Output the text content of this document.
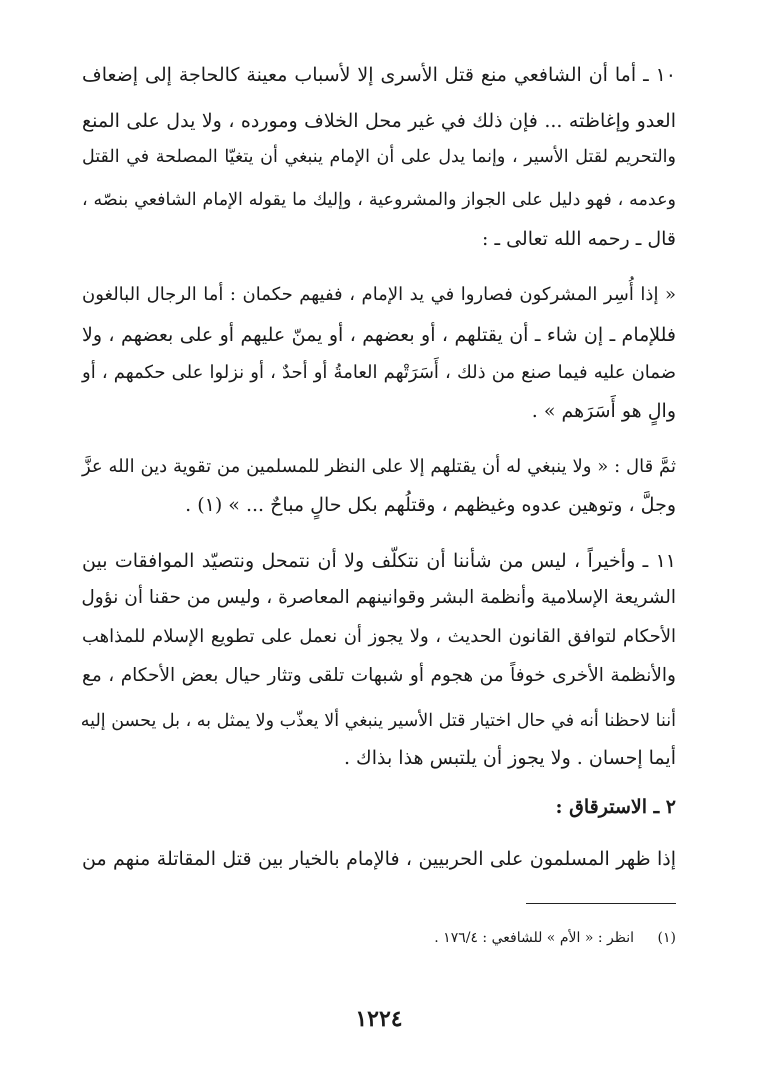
١٠ ـ أما أن الشافعي منع قتل الأسرى إلا لأسباب معينة كالحاجة إلى إضعاف
العدو وإغاظته ... فإن ذلك في غير محل الخلاف ومورده ، ولا يدل على المنع
والتحريم لقتل الأسير ، وإنما يدل على أن الإمام ينبغي أن يتغيّا المصلحة في القتل
وعدمه ، فهو دليل على الجواز والمشروعية ، وإليك ما يقوله الإمام الشافعي بنصّه ،
قال ـ رحمه الله تعالى ـ :
« إذا أُسِر المشركون فصاروا في يد الإمام ، ففيهم حكمان : أما الرجال البالغون
فللإمام ـ إن شاء ـ أن يقتلهم ، أو بعضهم ، أو يمنّ عليهم أو على بعضهم ، ولا
ضمان عليه فيما صنع من ذلك ، أَسَرَتْهم العامةُ أو أحدٌ ، أو نزلوا على حكمهم ، أو
والٍ هو أَسَرَهم » .
ثمَّ قال : « ولا ينبغي له أن يقتلهم إلا على النظر للمسلمين من تقوية دين الله عزَّ
وجلَّ ، وتوهين عدوه وغيظهم ، وقتلُهم بكل حالٍ مباحٌ ... » (١) .
١١ ـ وأخيراً ، ليس من شأننا أن نتكلّف ولا أن نتمحل ونتصيّد الموافقات بين
الشريعة الإسلامية وأنظمة البشر وقوانينهم المعاصرة ، وليس من حقنا أن نؤول
الأحكام لتوافق القانون الحديث ، ولا يجوز أن نعمل على تطويع الإسلام للمذاهب
والأنظمة الأخرى خوفاً من هجوم أو شبهات تلقى وتثار حيال بعض الأحكام ، مع
أننا لاحظنا أنه في حال اختيار قتل الأسير ينبغي ألا يعذّب ولا يمثل به ، بل يحسن إليه
أيما إحسان . ولا يجوز أن يلتبس هذا بذاك .
٢ ـ الاسترقاق :
إذا ظهر المسلمون على الحربيين ، فالإمام بالخيار بين قتل المقاتلة منهم من
(١)انظر : « الأم » للشافعي : ١٧٦/٤ .
١٢٢٤
